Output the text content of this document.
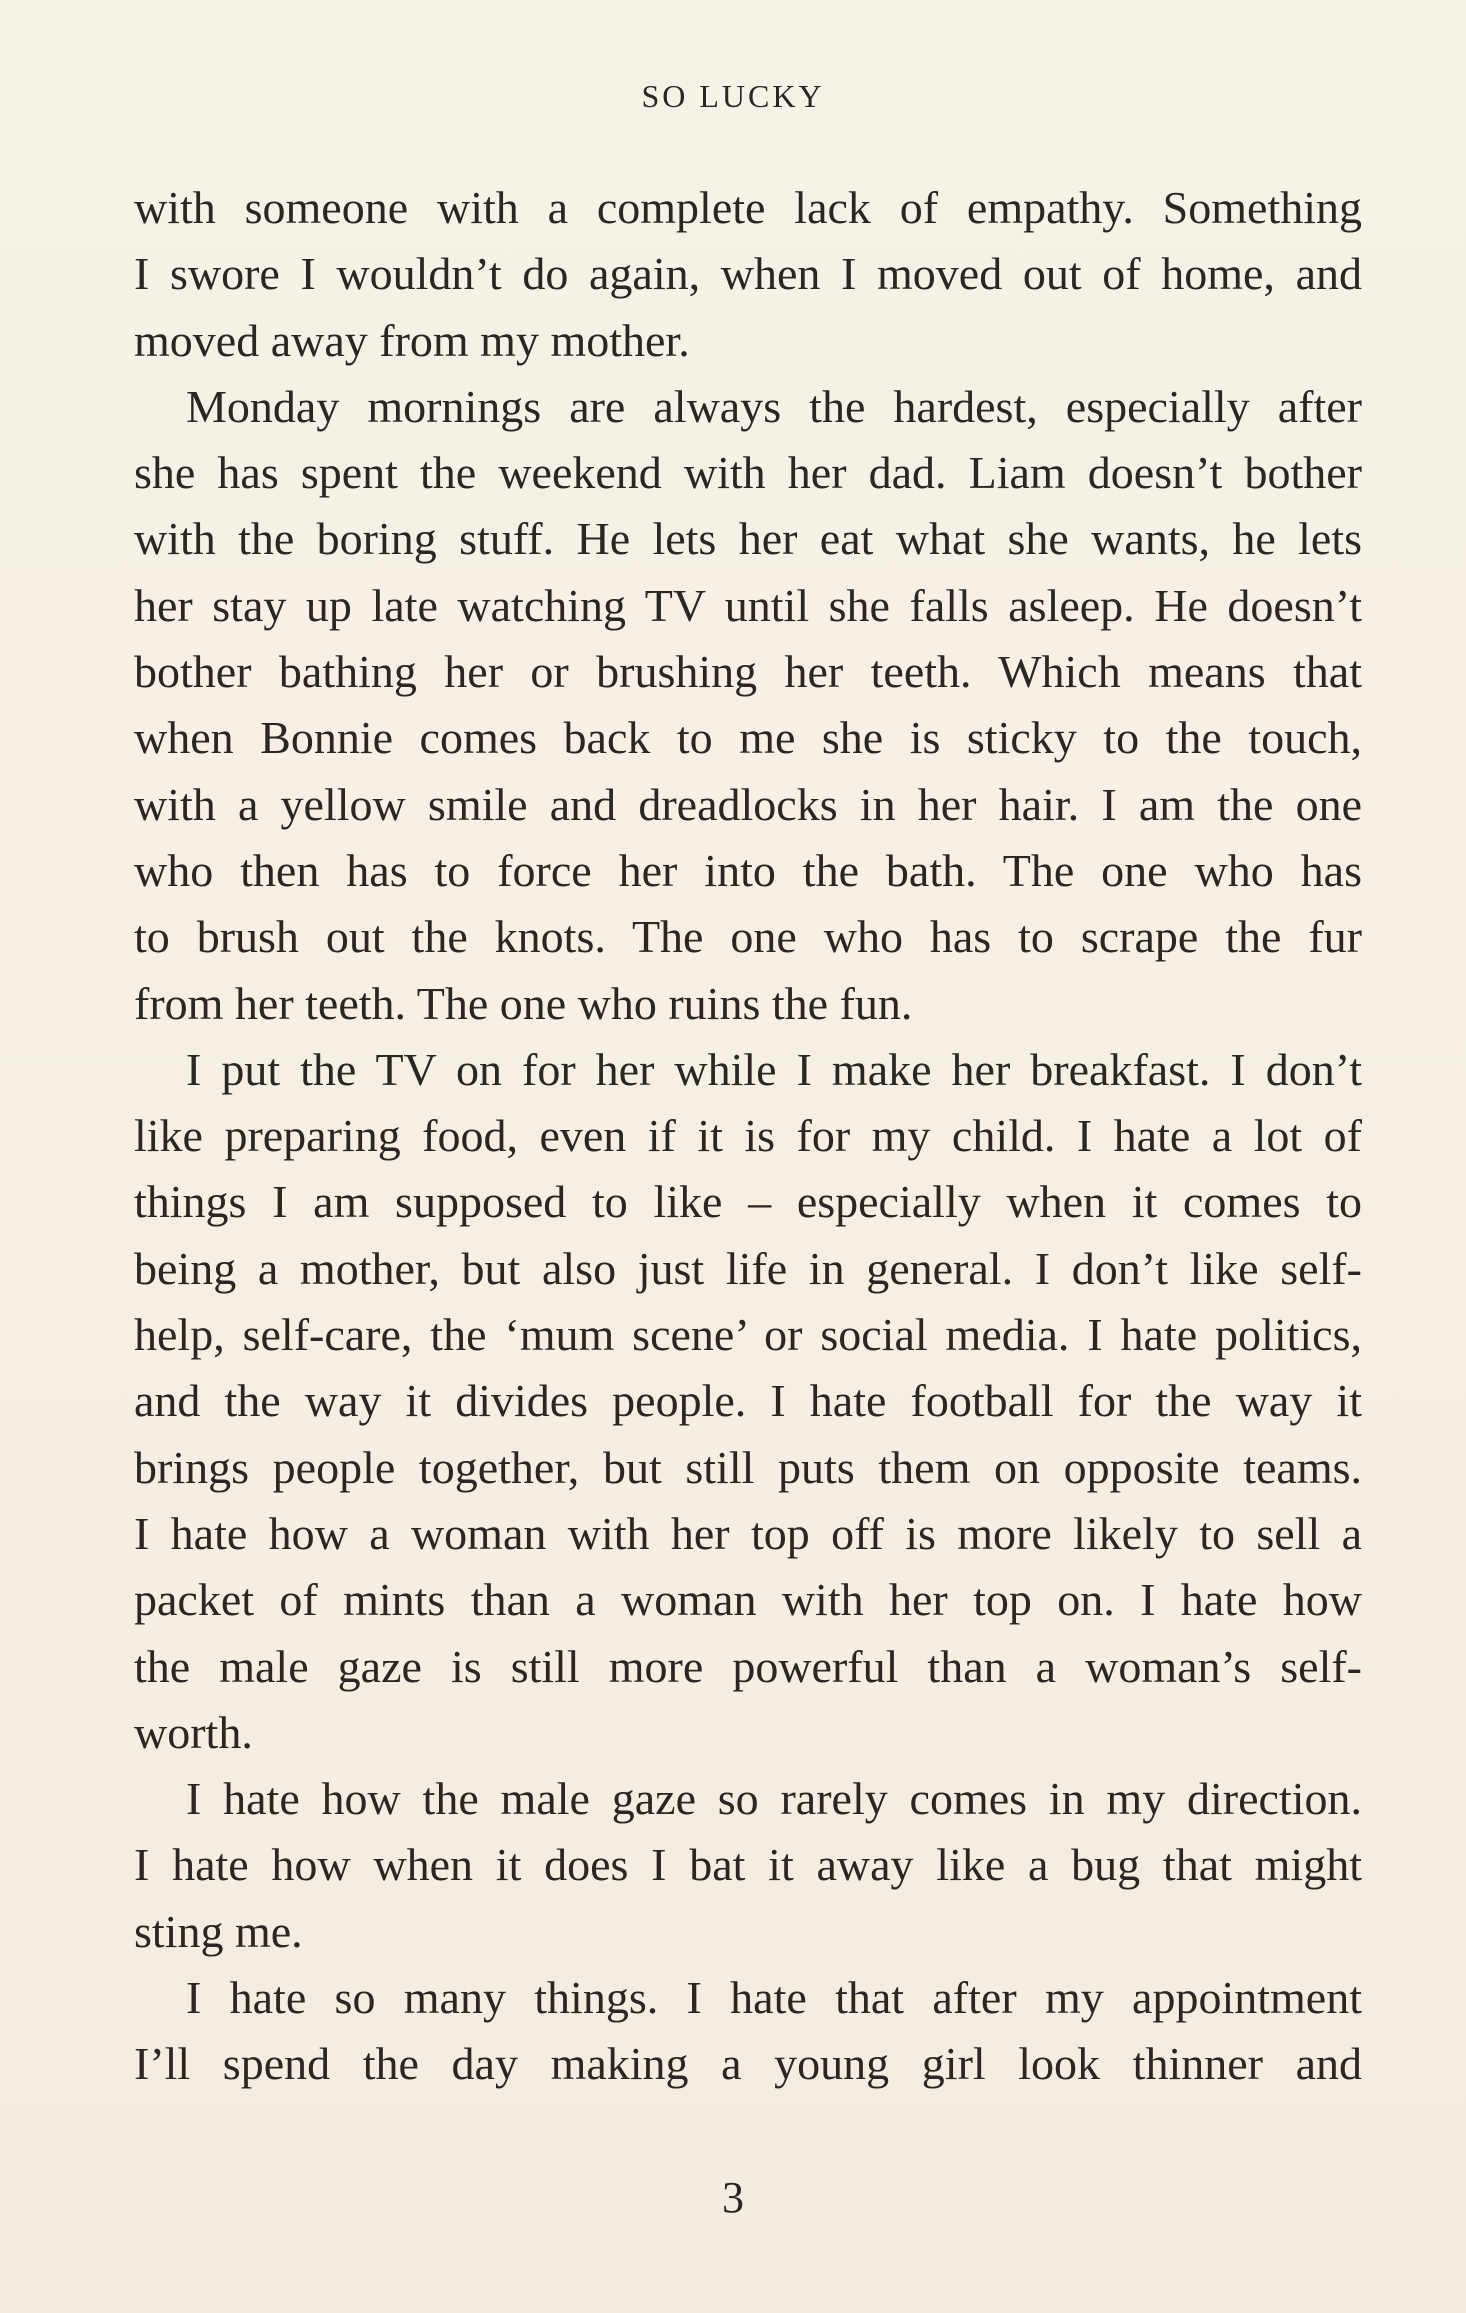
SO LUCKY

with someone with a complete lack of empathy. Something

I swore I wouldn’t do again, when I moved out of home, and

moved away from my mother.

Monday mornings are always the hardest, especially after

she has spent the weekend with her dad. Liam doesn’t bother

with the boring stuff. He lets her eat what she wants, he lets

her stay up late watching TV until she falls asleep. He doesn’t

bother bathing her or brushing her teeth. Which means that

when Bonnie comes back to me she is sticky to the touch,

with a yellow smile and dreadlocks in her hair. I am the one

who then has to force her into the bath. The one who has

to brush out the knots. The one who has to scrape the fur

from her teeth. The one who ruins the fun.

I put the TV on for her while I make her breakfast. I don’t

like preparing food, even if it is for my child. I hate a lot of

things I am supposed to like – especially when it comes to

being a mother, but also just life in general. I don’t like self-

help, self-care, the ‘mum scene’ or social media. I hate politics,

and the way it divides people. I hate football for the way it

brings people together, but still puts them on opposite teams.

I hate how a woman with her top off is more likely to sell a

packet of mints than a woman with her top on. I hate how

the male gaze is still more powerful than a woman’s self-

worth.

I hate how the male gaze so rarely comes in my direction.

I hate how when it does I bat it away like a bug that might

sting me.

I hate so many things. I hate that after my appointment

I’ll spend the day making a young girl look thinner and

3
